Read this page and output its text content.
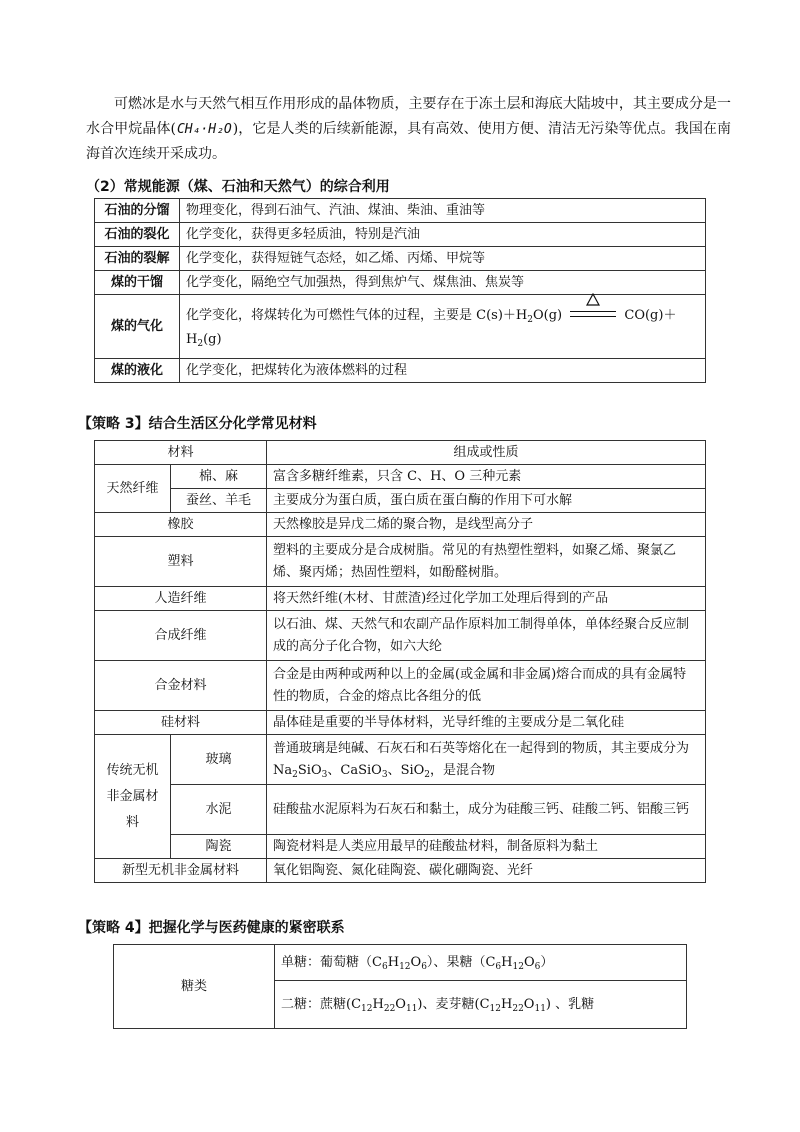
可燃冰是水与天然气相互作用形成的晶体物质，主要存在于冻土层和海底大陆坡中，其主要成分是一水合甲烷晶体(CH₄·H₂O)，它是人类的后续新能源，具有高效、使用方便、清洁无污染等优点。我国在南海首次连续开采成功。

（2）常规能源（煤、石油和天然气）的综合利用
石油的分馏	物理变化，得到石油气、汽油、煤油、柴油、重油等
石油的裂化	化学变化，获得更多轻质油，特别是汽油
石油的裂解	化学变化，获得短链气态烃，如乙烯、丙烯、甲烷等
煤的干馏	化学变化，隔绝空气加强热，得到焦炉气、煤焦油、焦炭等
煤的气化	化学变化，将煤转化为可燃性气体的过程，主要是 $C(s)+H_2O(g)$ CO(g)＋
$H_2(g)$
煤的液化	化学变化，把煤转化为液体燃料的过程
【策略 3】结合生活区分化学常见材料
材料		组成或性质
天然纤维	棉、麻	富含多糖纤维素，只含 C、H、O 三种元素
	蚕丝、羊毛	主要成分为蛋白质，蛋白质在蛋白酶的作用下可水解
橡胶		天然橡胶是异戊二烯的聚合物，是线型高分子
塑料		塑料的主要成分是合成树脂。常见的有热塑性塑料，如聚乙烯、聚氯乙烯、聚丙烯；热固性塑料，如酚醛树脂。
人造纤维		将天然纤维(木材、甘蔗渣)经过化学加工处理后得到的产品
合成纤维		以石油、煤、天然气和农副产品作原料加工制得单体，单体经聚合反应制成的高分子化合物，如六大纶
合金材料		合金是由两种或两种以上的金属(或金属和非金属)熔合而成的具有金属特性的物质，合金的熔点比各组分的低
硅材料		晶体硅是重要的半导体材料，光导纤维的主要成分是二氧化硅
传统无机非金属材料	玻璃	普通玻璃是纯碱、石灰石和石英等熔化在一起得到的物质，其主要成分为 $Na_2SiO_3$、CaSiO$_3$、SiO$_2$，是混合物
	水泥	硅酸盐水泥原料为石灰石和黏土，成分为硅酸三钙、硅酸二钙、铝酸三钙
	陶瓷	陶瓷材料是人类应用最早的硅酸盐材料，制备原料为黏土
新型无机非金属材料		氧化铝陶瓷、氮化硅陶瓷、碳化硼陶瓷、光纤
【策略 4】把握化学与医药健康的紧密联系
糖类	单糖：葡萄糖$(C_6H_{12}O_6)$、果糖$(C_6H_{12}O_6)$
二糖：蔗糖$(C_{12}H_{22}O_{11})$、麦芽糖$(C_{12}H_{22}O_{11})$ 、乳糖
